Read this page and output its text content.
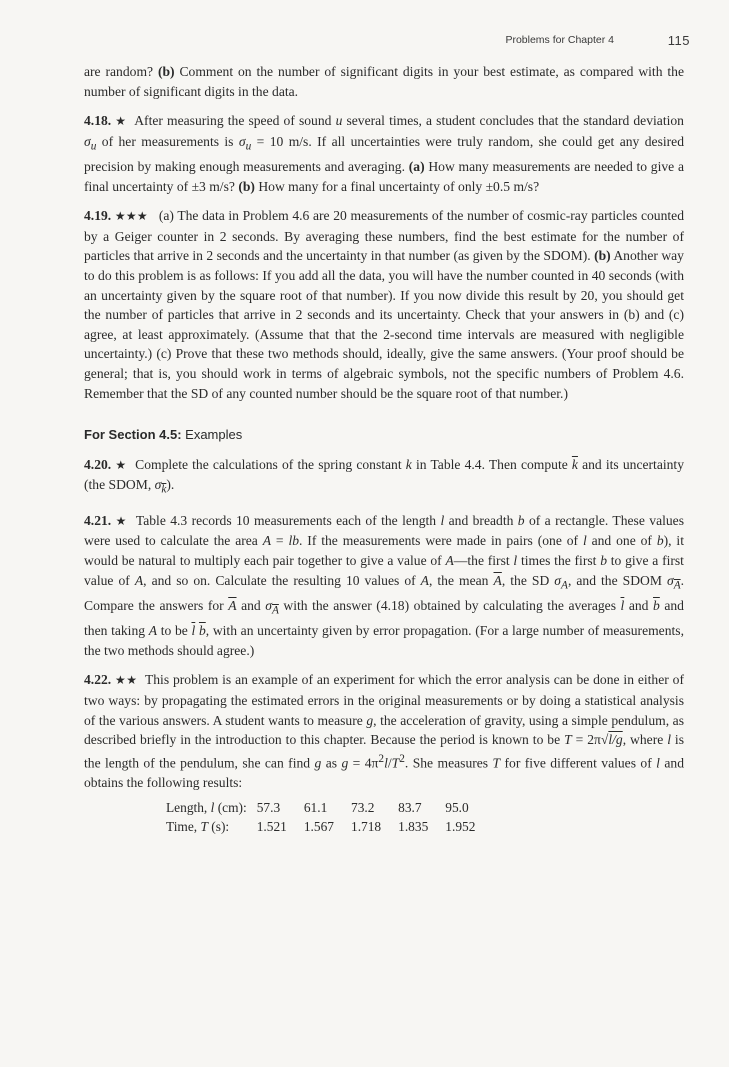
Problems for Chapter 4	115

are random? (b) Comment on the number of significant digits in your best estimate, as compared with the number of significant digits in the data.

4.18. ★  After measuring the speed of sound u several times, a student concludes that the standard deviation $\sigma_u$ of her measurements is $\sigma_u = 10$ m/s. If all uncertainties were truly random, she could get any desired precision by making enough measurements and averaging. (a) How many measurements are needed to give a final uncertainty of ±3 m/s? (b) How many for a final uncertainty of only ±0.5 m/s?

4.19. ★★★ (a) The data in Problem 4.6 are 20 measurements of the number of cosmic-ray particles counted by a Geiger counter in 2 seconds. By averaging these numbers, find the best estimate for the number of particles that arrive in 2 seconds and the uncertainty in that number (as given by the SDOM). (b) Another way to do this problem is as follows: If you add all the data, you will have the number counted in 40 seconds (with an uncertainty given by the square root of that number). If you now divide this result by 20, you should get the number of particles that arrive in 2 seconds and its uncertainty. Check that your answers in (b) and (c) agree, at least approximately. (Assume that that the 2-second time intervals are measured with negligible uncertainty.) (c) Prove that these two methods should, ideally, give the same answers. (Your proof should be general; that is, you should work in terms of algebraic symbols, not the specific numbers of Problem 4.6. Remember that the SD of any counted number should be the square root of that number.)

For Section 4.5: Examples

4.20. ★  Complete the calculations of the spring constant k in Table 4.4. Then compute $\overline{k}$ and its uncertainty (the SDOM, $\sigma_{\overline{k}}$).

4.21. ★  Table 4.3 records 10 measurements each of the length l and breadth b of a rectangle. These values were used to calculate the area A = lb. If the measurements were made in pairs (one of l and one of b), it would be natural to multiply each pair together to give a value of A—the first l times the first b to give a first value of A, and so on. Calculate the resulting 10 values of A, the mean $\overline{A}$, the SD $\sigma_A$, and the SDOM $\sigma_{\overline{A}}$. Compare the answers for $\overline{A}$ and $\sigma_{\overline{A}}$ with the answer (4.18) obtained by calculating the averages $\overline{l}$ and $\overline{b}$ and then taking A to be $\overline{l}$ $\overline{b}$, with an uncertainty given by error propagation. (For a large number of measurements, the two methods should agree.)

4.22. ★★  This problem is an example of an experiment for which the error analysis can be done in either of two ways: by propagating the estimated errors in the original measurements or by doing a statistical analysis of the various answers. A student wants to measure g, the acceleration of gravity, using a simple pendulum, as described briefly in the introduction to this chapter. Because the period is known to be T = 2π√l/g, where l is the length of the pendulum, she can find g as $g = 4\pi^2l/T^2$. She measures T for five different values of l and obtains the following results:

Length, l (cm):	57.3	61.1	73.2	83.7	95.0
Time, T (s):	1.521	1.567	1.718	1.835	1.952
